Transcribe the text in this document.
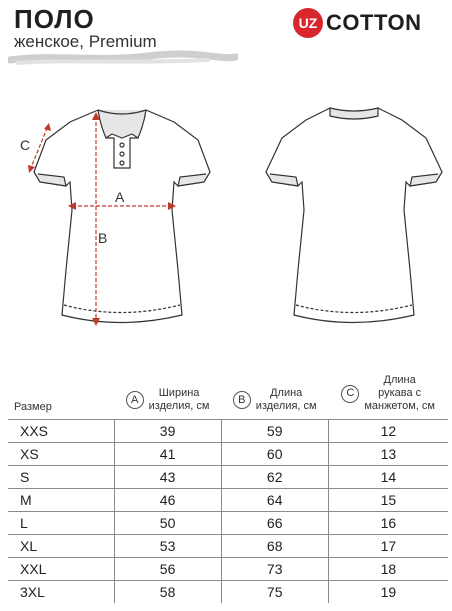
ПОЛО
женское, Premium
UZ COTTON
A
B
C
Размер	A
Ширина
изделия, см	B
Длина
изделия, см	C
Длина
рукава с
манжетом, см

XXS	39	59	12
XS	41	60	13
S	43	62	14
M	46	64	15
L	50	66	16
XL	53	68	17
XXL	56	73	18
3XL	58	75	19
